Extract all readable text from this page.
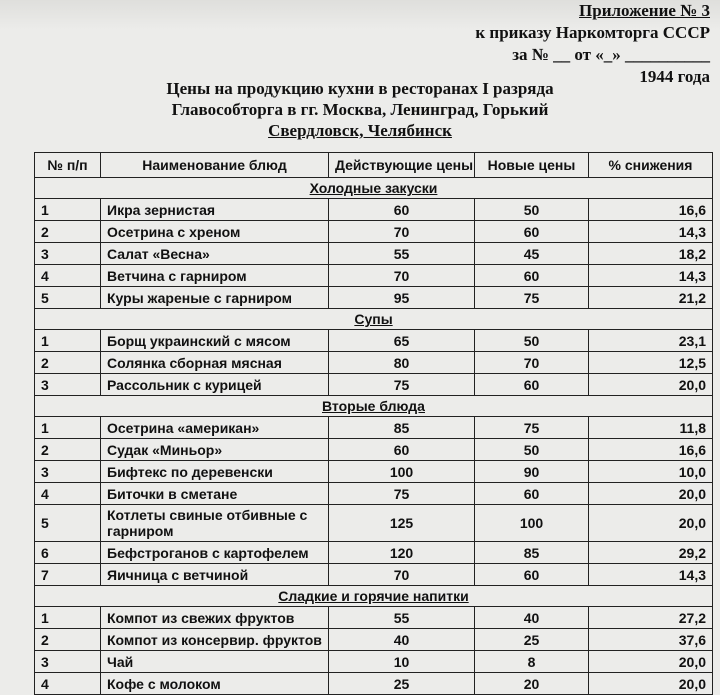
Приложение № 3
к приказу Наркомторга СССР
за № __ от «_» __________
1944 года
Цены на продукцию кухни в ресторанах I разряда
Главособторга в гг. Москва, Ленинград, Горький
Свердловск, Челябинск
№ п/п	Наименование блюд	Действующие цены	Новые цены	% снижения
Холодные закуски				
1	Икра зернистая	60	50	16,6
2	Осетрина с хреном	70	60	14,3
3	Салат «Весна»	55	45	18,2
4	Ветчина с гарниром	70	60	14,3
5	Куры жареные с гарниром	95	75	21,2
Супы				
1	Борщ украинский с мясом	65	50	23,1
2	Солянка сборная мясная	80	70	12,5
3	Рассольник с курицей	75	60	20,0
Вторые блюда				
1	Осетрина «американ»	85	75	11,8
2	Судак «Миньор»	60	50	16,6
3	Бифтекс по деревенски	100	90	10,0
4	Биточки в сметане	75	60	20,0
5	Котлеты свиные отбивные с гарниром	125	100	20,0
6	Бефстроганов с картофелем	120	85	29,2
7	Яичница с ветчиной	70	60	14,3
Сладкие и горячие напитки				
1	Компот из свежих фруктов	55	40	27,2
2	Компот из консервир. фруктов	40	25	37,6
3	Чай	10	8	20,0
4	Кофе с молоком	25	20	20,0
